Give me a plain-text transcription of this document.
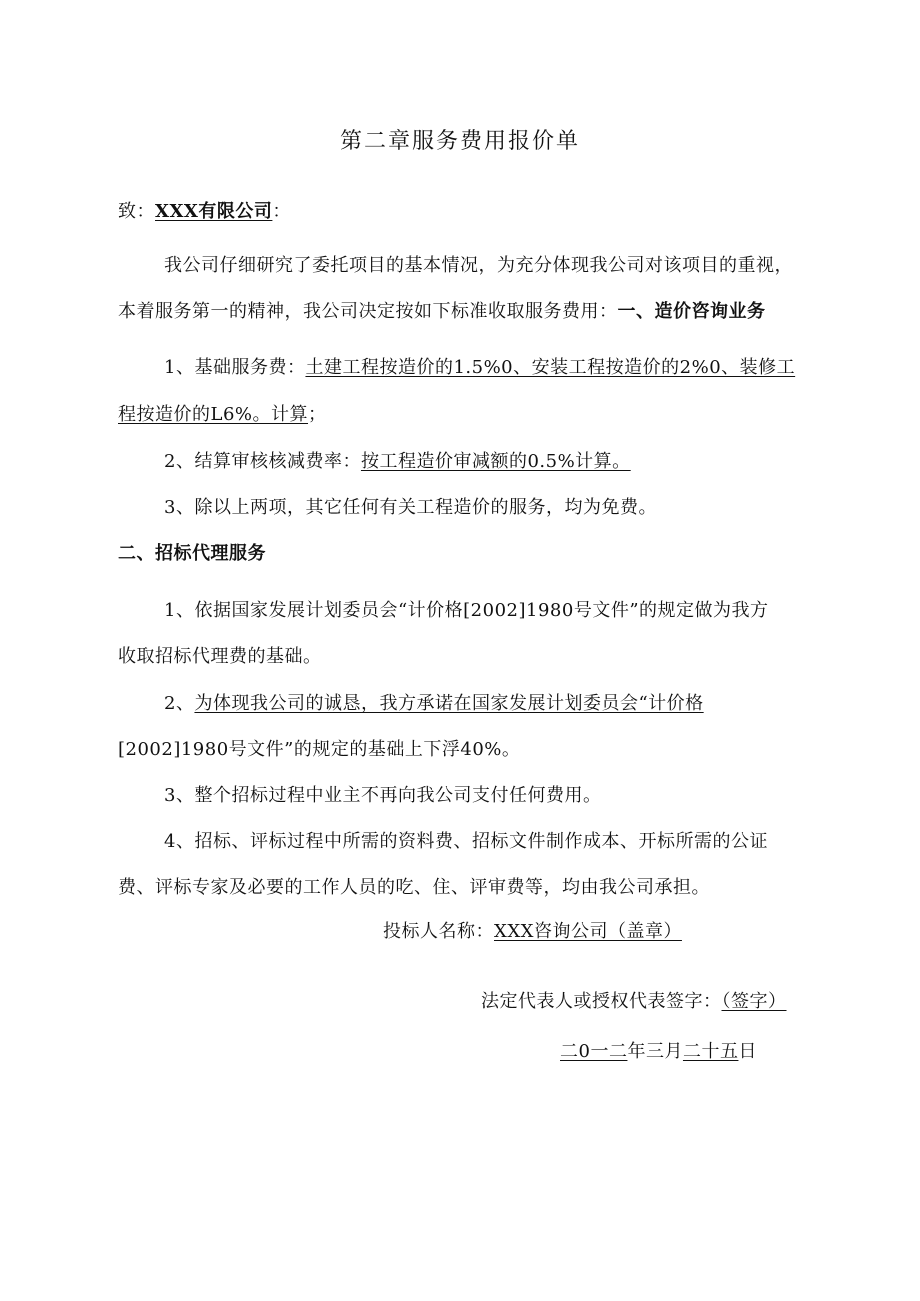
第二章服务费用报价单
致：XXX有限公司：
我公司仔细研究了委托项目的基本情况，为充分体现我公司对该项目的重视，
本着服务第一的精神，我公司决定按如下标准收取服务费用：一、造价咨询业务
1、基础服务费：土建工程按造价的1.5%0、安装工程按造价的2%0、装修工
程按造价的L6%。计算；
2、结算审核核减费率：按工程造价审减额的0.5%计算。
3、除以上两项，其它任何有关工程造价的服务，均为免费。
二、招标代理服务
1、依据国家发展计划委员会“计价格[2002]1980号文件”的规定做为我方
收取招标代理费的基础。
2、为体现我公司的诚恳，我方承诺在国家发展计划委员会“计价格
[2002]1980号文件”的规定的基础上下浮40%。
3、整个招标过程中业主不再向我公司支付任何费用。
4、招标、评标过程中所需的资料费、招标文件制作成本、开标所需的公证
费、评标专家及必要的工作人员的吃、住、评审费等，均由我公司承担。
投标人名称：XXX咨询公司（盖章）
法定代表人或授权代表签字：（签字）
二0一二年三月二十五日
